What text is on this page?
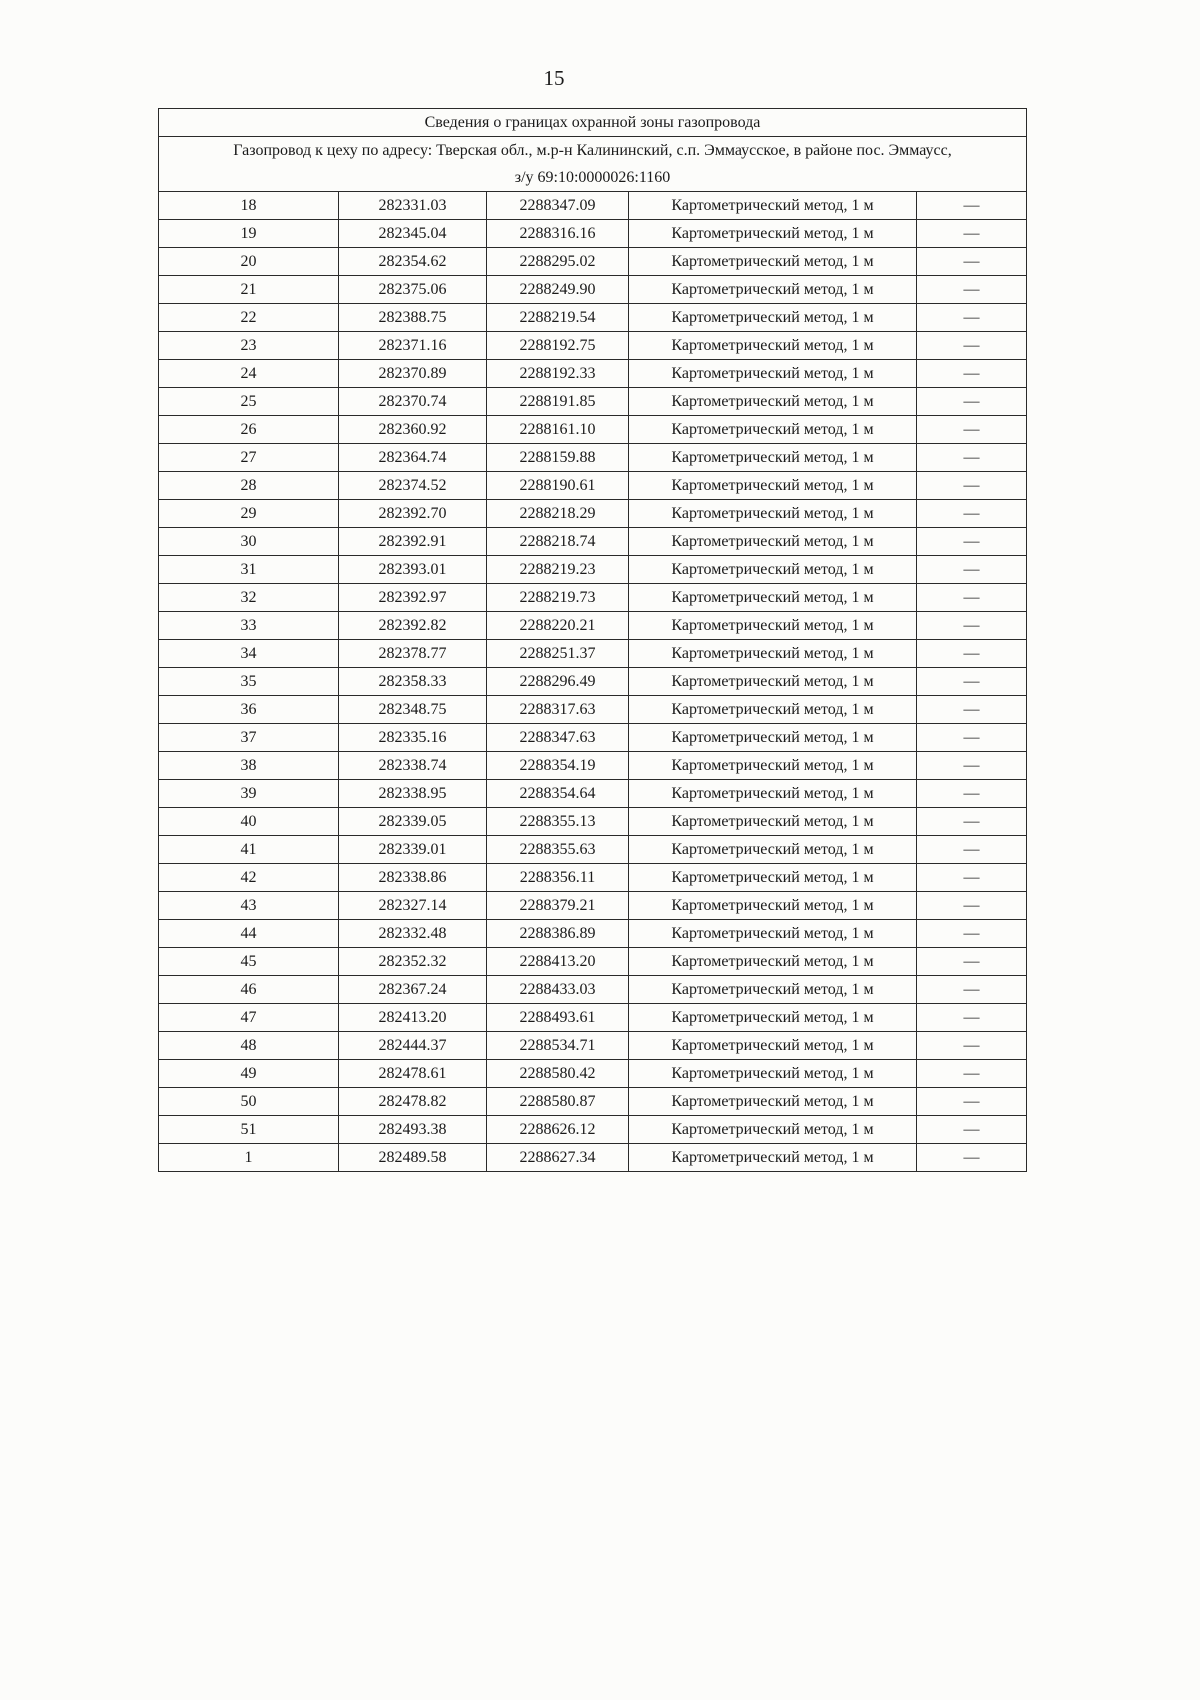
15
Сведения о границах охранной зоны газопровода				
Газопровод к цеху по адресу: Тверская обл., м.р-н Калининский, с.п. Эммаусское, в районе пос. Эммаусс,
з/у 69:10:0000026:1160				
18	282331.03	2288347.09	Картометрический метод, 1 м	—
19	282345.04	2288316.16	Картометрический метод, 1 м	—
20	282354.62	2288295.02	Картометрический метод, 1 м	—
21	282375.06	2288249.90	Картометрический метод, 1 м	—
22	282388.75	2288219.54	Картометрический метод, 1 м	—
23	282371.16	2288192.75	Картометрический метод, 1 м	—
24	282370.89	2288192.33	Картометрический метод, 1 м	—
25	282370.74	2288191.85	Картометрический метод, 1 м	—
26	282360.92	2288161.10	Картометрический метод, 1 м	—
27	282364.74	2288159.88	Картометрический метод, 1 м	—
28	282374.52	2288190.61	Картометрический метод, 1 м	—
29	282392.70	2288218.29	Картометрический метод, 1 м	—
30	282392.91	2288218.74	Картометрический метод, 1 м	—
31	282393.01	2288219.23	Картометрический метод, 1 м	—
32	282392.97	2288219.73	Картометрический метод, 1 м	—
33	282392.82	2288220.21	Картометрический метод, 1 м	—
34	282378.77	2288251.37	Картометрический метод, 1 м	—
35	282358.33	2288296.49	Картометрический метод, 1 м	—
36	282348.75	2288317.63	Картометрический метод, 1 м	—
37	282335.16	2288347.63	Картометрический метод, 1 м	—
38	282338.74	2288354.19	Картометрический метод, 1 м	—
39	282338.95	2288354.64	Картометрический метод, 1 м	—
40	282339.05	2288355.13	Картометрический метод, 1 м	—
41	282339.01	2288355.63	Картометрический метод, 1 м	—
42	282338.86	2288356.11	Картометрический метод, 1 м	—
43	282327.14	2288379.21	Картометрический метод, 1 м	—
44	282332.48	2288386.89	Картометрический метод, 1 м	—
45	282352.32	2288413.20	Картометрический метод, 1 м	—
46	282367.24	2288433.03	Картометрический метод, 1 м	—
47	282413.20	2288493.61	Картометрический метод, 1 м	—
48	282444.37	2288534.71	Картометрический метод, 1 м	—
49	282478.61	2288580.42	Картометрический метод, 1 м	—
50	282478.82	2288580.87	Картометрический метод, 1 м	—
51	282493.38	2288626.12	Картометрический метод, 1 м	—
1	282489.58	2288627.34	Картометрический метод, 1 м	—
